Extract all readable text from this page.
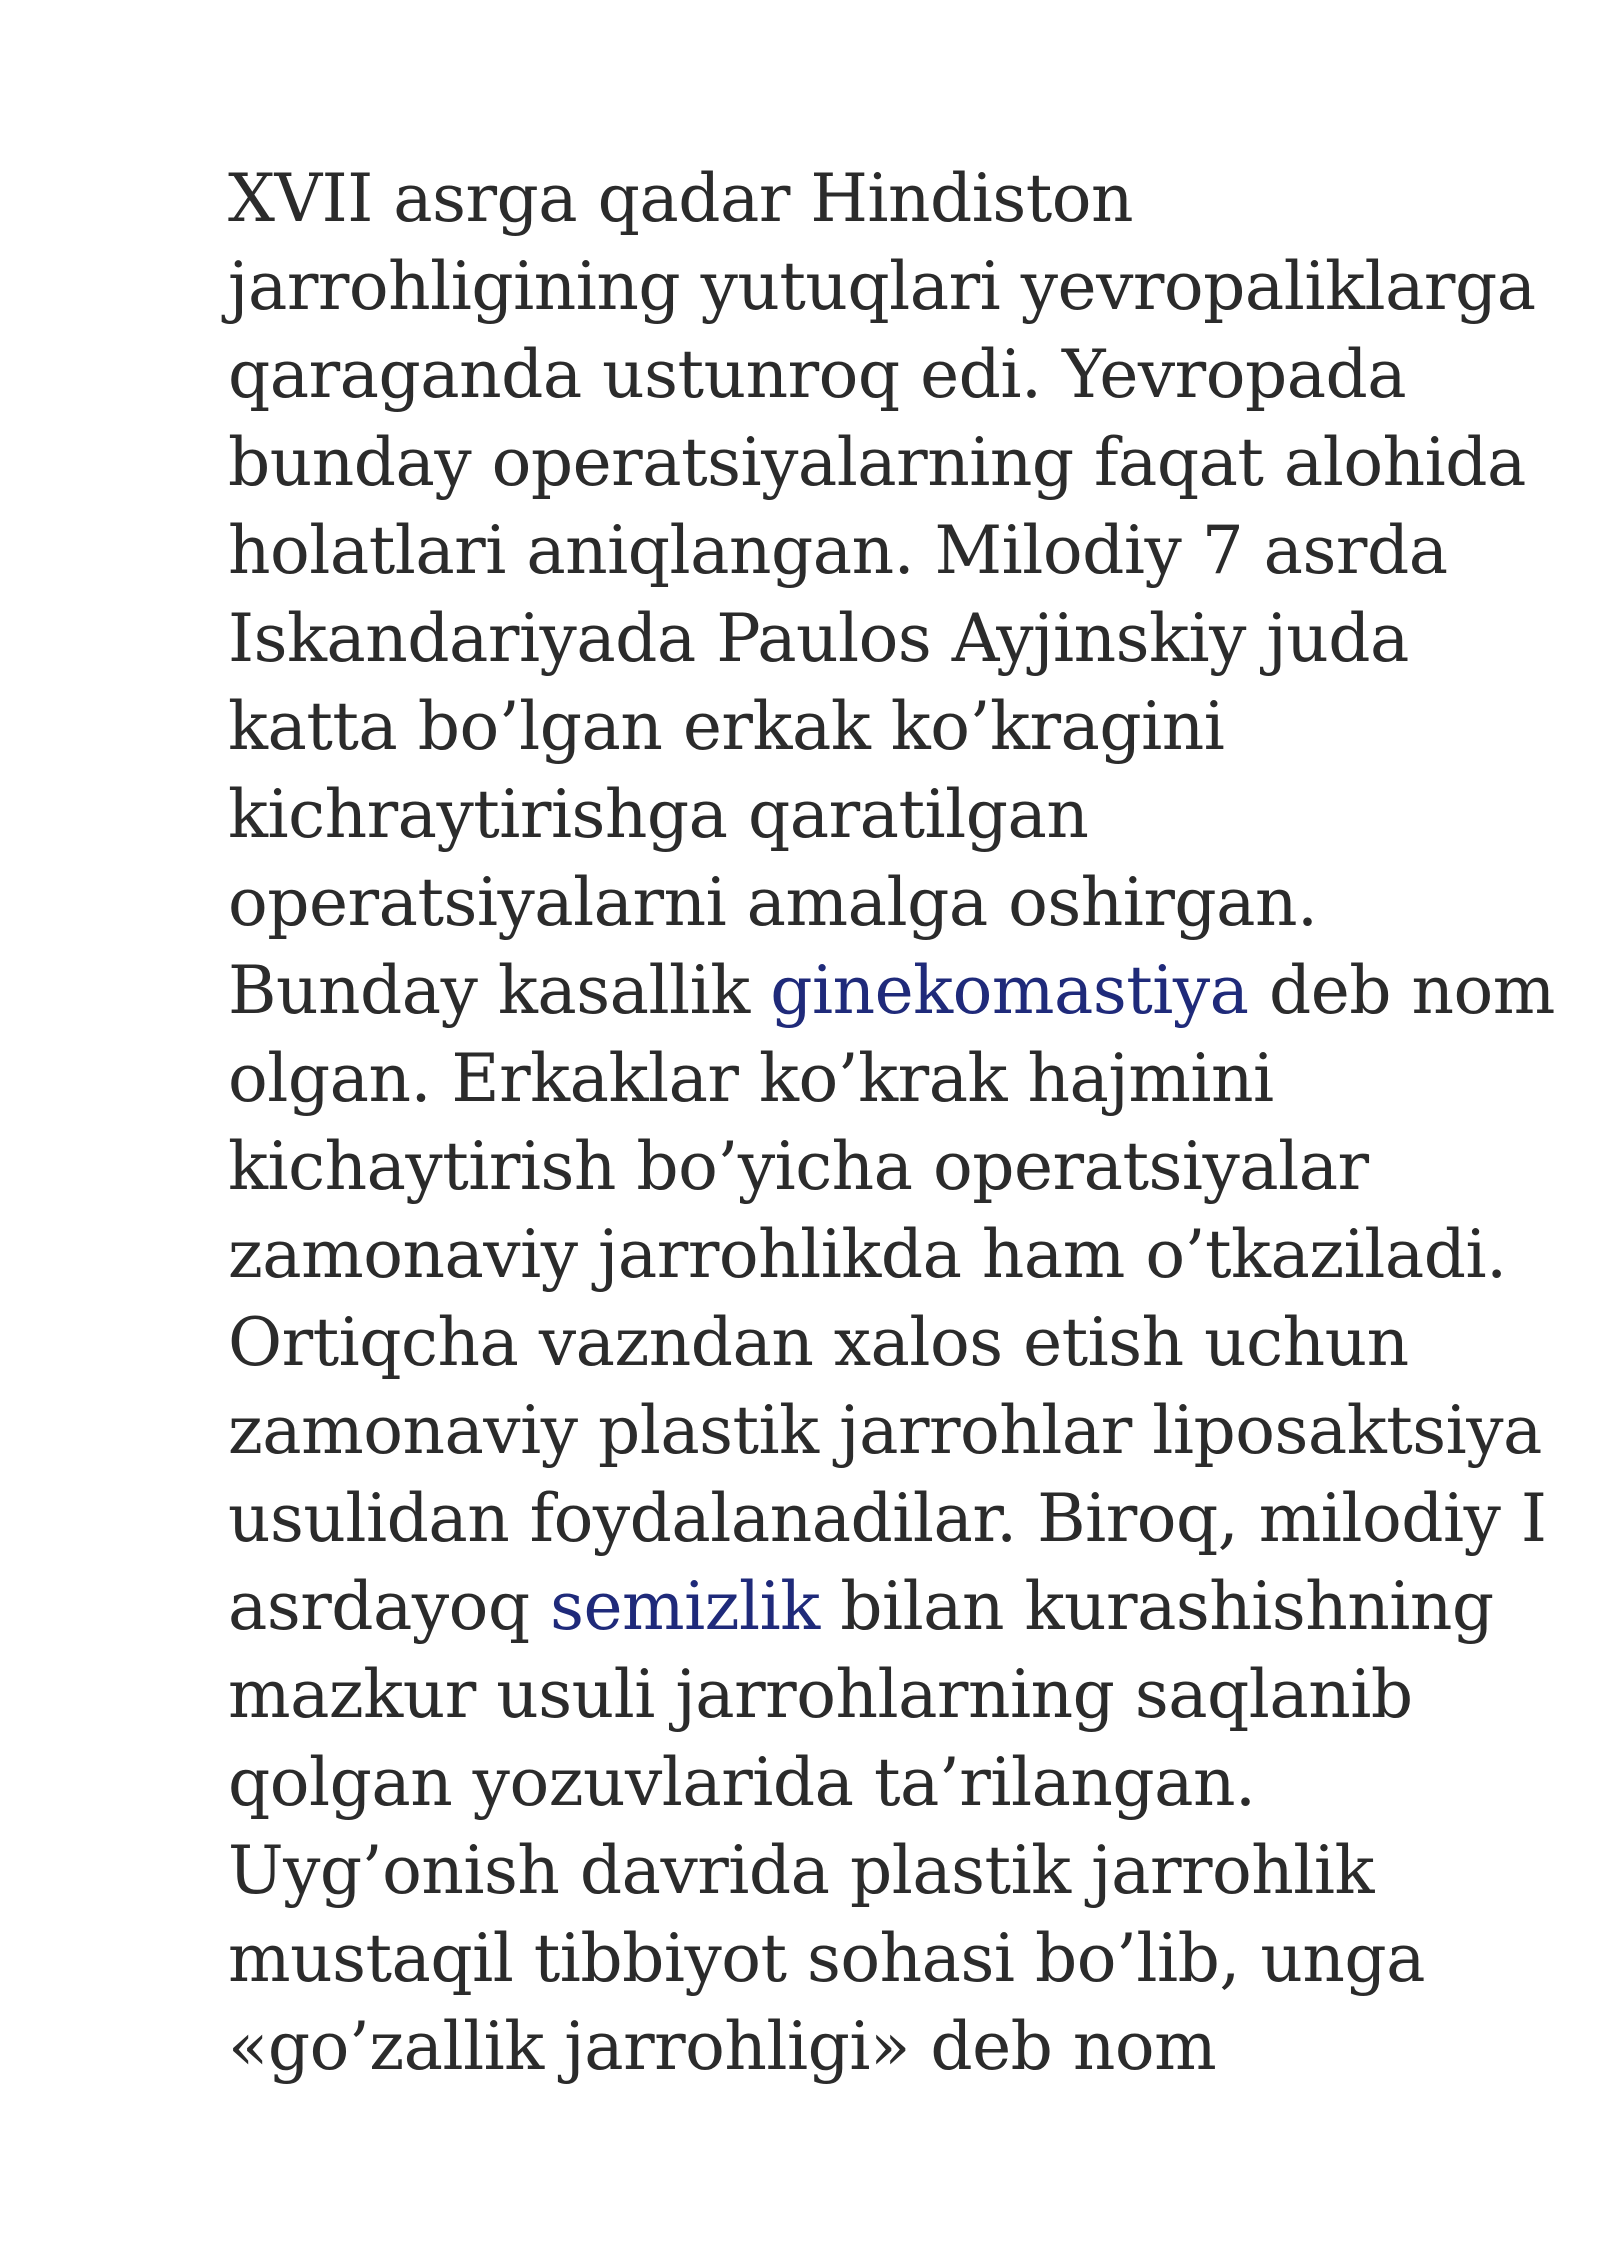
XVII asrga qadar Hindiston
jarrohligining yutuqlari yevropaliklarga
qaraganda ustunroq edi. Yevropada
bunday operatsiyalarning faqat alohida
holatlari aniqlangan. Milodiy 7 asrda
Iskandariyada Paulos Ayjinskiy juda
katta bo’lgan erkak ko’kragini
kichraytirishga qaratilgan
operatsiyalarni amalga oshirgan.
Bunday kasallik ginekomastiya deb nom
olgan. Erkaklar ko’krak hajmini
kichaytirish bo’yicha operatsiyalar
zamonaviy jarrohlikda ham o’tkaziladi.
Ortiqcha vazndan xalos etish uchun
zamonaviy plastik jarrohlar liposaktsiya
usulidan foydalanadilar. Biroq, milodiy I
asrdayoq semizlik bilan kurashishning
mazkur usuli jarrohlarning saqlanib
qolgan yozuvlarida ta’rilangan.
Uyg’onish davrida plastik jarrohlik
mustaqil tibbiyot sohasi bo’lib, unga
«go’zallik jarrohligi» deb nom
